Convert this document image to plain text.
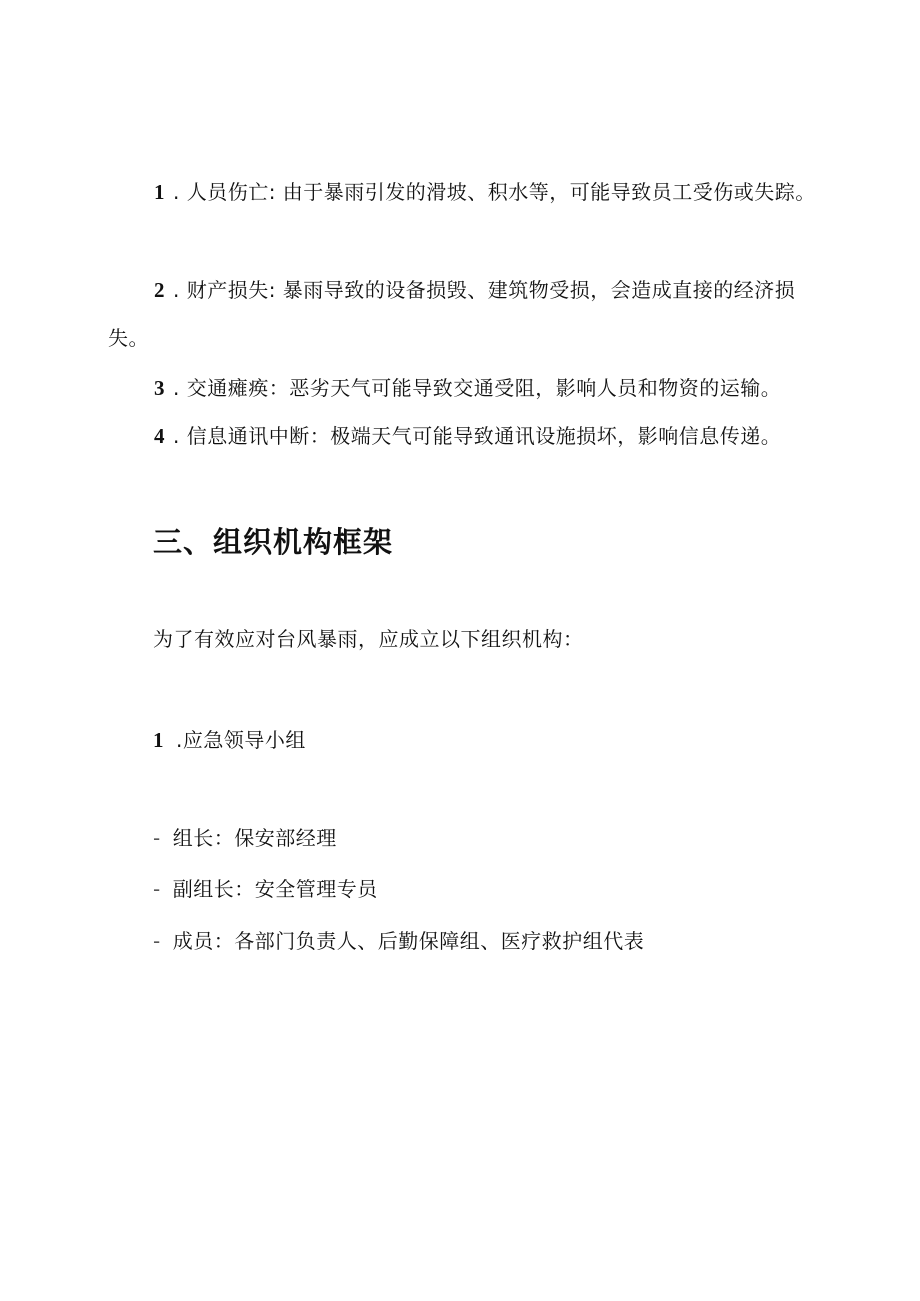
1 . 人员伤亡: 由于暴雨引发的滑坡、积水等，可能导致员工受伤或失踪。
2 . 财产损失: 暴雨导致的设备损毁、建筑物受损，会造成直接的经济损失。
3 . 交通瘫痪：恶劣天气可能导致交通受阻，影响人员和物资的运输。
4 . 信息通讯中断：极端天气可能导致通讯设施损坏，影响信息传递。
三、组织机构框架
为了有效应对台风暴雨，应成立以下组织机构：
1 .应急领导小组
- 组长：保安部经理
- 副组长：安全管理专员
- 成员：各部门负责人、后勤保障组、医疗救护组代表
